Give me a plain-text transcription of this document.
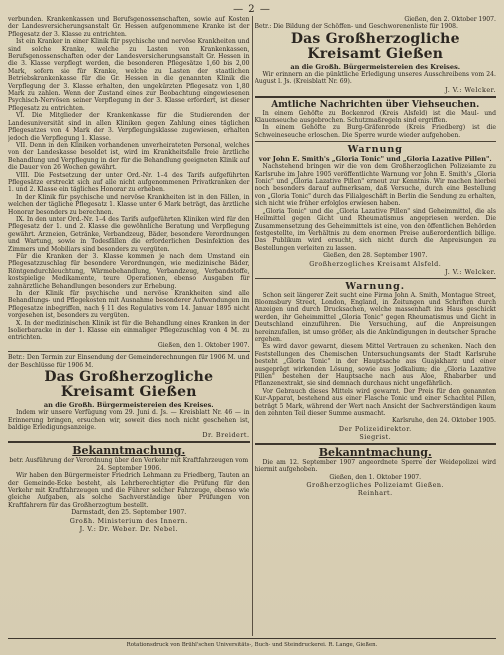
— 2 —

verbunden. Krankenkassen und Berufsgenossenschaften, sowie auf Kosten der Landesversicherungsanstalt Gr. Hessen aufgenommene Kranke ist der Pflegesatz der 3. Klasse zu entrichten.

Ist ein Kranker in einer Klinik für psychische und nervöse Krankheiten und sind solche Kranke, welche zu Lasten von Krankenkassen, Berufsgenossenschaften oder der Landesversicherungsanstalt Gr. Hessen in die 3. Klasse verpflegt werden, die besonderen Pflegesätze 1,60 bis 2,00 Mark, sofern sie für Kranke, welche zu Lasten der staatlichen Betriebskrankenkasse für die Gr. Hessen in die genannten Klinik die Verpflegung der 3. Klasse erhalten, den ungekürzten Pflegesatz von 1,80 Mark zu zahlen. Wenn der Zustand eines zur Beobachtung eingewiesenen Psychisch-Nervösen seiner Verpflegung in der 3. Klasse erfordert, ist dieser Pflegesatz zu entrichten.

VI. Die Mitglieder der Krankenkasse für die Studierenden der Landesuniversität sind in allen Kliniken gegen Zahlung eines täglichen Pflegesatzes von 4 Mark der 3. Verpflegungsklasse zugewiesen, erhalten jedoch die Verpflegung 1. Klasse.

VII. Denn in den Kliniken vorhandenen unverheirateten Personal, welches von der Landeskasse besoldet ist, wird im Krankheitsfalle freie ärztliche Behandlung und Verpflegung in der für die Behandlung geeigneten Klinik auf die Dauer von 26 Wochen gewährt.

VIII. Die Festsetzung der unter Ord.-Nr. 1–4 des Tarifs aufgeführten Pflegesätze erstreckt sich auf alle nicht aufgenommenen Privatkranken der 1. und 2. Klasse ein tägliches Honorar zu erheben.

In der Klinik für psychische und nervöse Krankheiten ist in den Fällen, in welchen der tägliche Pflegesatz 1. Klasse unter 6 Mark beträgt, das ärztliche Honorar besonders zu berechnen.

IX. In den unter Ord.-Nr. 1–4 des Tarifs aufgeführten Kliniken wird für den Pflegesatz der 1. und 2. Klasse die gewöhnliche Beratung und Verpflegung gewährt. Arzneien, Getränke, Verbandzeug, Bäder, besondere Verordnungen und Wartung, sowie in Todesfällen die erforderlichen Desinfektion des Zimmers und Mobiliars sind besonders zu vergüten.

Für die Kranken der 3. Klasse kommen je nach dem Umstand ein Pflegesatzzuschlag für besondere Verordnungen, wie medizinische Bäder, Röntgendurchleuchtung, Wärmebehandlung, Verbandzeug, Verbandstoffe, kostspielige Medikamente, teure Operationen, ebenso Ausgaben für zahnärztliche Behandlungen besonders zur Erhebung.

In der Klinik für psychische und nervöse Krankheiten sind alle Behandlungs- und Pflegekosten mit Ausnahme besonderer Aufwendungen im Pflegesatze inbegriffen, nach § 11 des Regulativs vom 14. Januar 1895 nicht vorgesehen ist, besonders zu vergüten.

X. In der medizinischen Klinik ist für die Behandlung eines Kranken in der Isolierbaracke in der 1. Klasse ein einmaliger Pflegezuschlag von 4 M. zu entrichten.

Gießen, den 1. Oktober 1907.

Betr.: Den Termin zur Einsendung der Gemeinderechnungen für 1906 M. und der Beschlüsse für 1906 M.

Das Großherzogliche Kreisamt Gießen
an die Großh. Bürgermeistereien des Kreises.

Indem wir unsere Verfügung vom 29. Juni d. Js. — Kreisblatt Nr. 46 — in Erinnerung bringen, ersuchen wir, soweit dies noch nicht geschehen ist, baldige Erledigungsanzeige.

Dr. Breidert.
Bekanntmachung.

betr. Ausführung der Verordnung über den Verkehr mit Kraftfahrzeugen vom 24. September 1906.

Wir haben den Bürgermeister Friedrich Lehmann zu Friedberg, Tauten an der Gemeinde-Ecke besteht, als Lehrberechtigter die Prüfung für den Verkehr mit Kraftfahrzeugen und die Führer solcher Fahrzeuge, ebenso wie gleiche Aufgaben, als solche Sachverständige über Prüfungen von Kraftfahrern für das Großherzogtum bestellt.

Darmstadt, den 25. September 1907.

Großh. Ministerium des Innern.
J. V.: Dr. Weber. Dr. Nebel.

Gießen, den 2. Oktober 1907.

Betr.: Die Bildung der Schöffen- und Geschworenenliste für 1908.

Das Großherzogliche Kreisamt Gießen
an die Großh. Bürgermeistereien des Kreises.

Wir erinnern an die pünktliche Erledigung unseres Ausschreibens vom 24. August l. Js. (Kreisblatt Nr. 69).

J. V.: Welcker.
Amtliche Nachrichten über Viehseuchen.

In einem Gehöfte zu Bockenrod (Kreis Alsfeld) ist die Maul- und Klauenseuche ausgebrochen. Schutzmaßregeln sind ergriffen.

In einem Gehöfte zu Burg-Gräfenrode (Kreis Friedberg) ist die Schweineseuche erloschen. Die Sperre wurde wieder aufgehoben.

Warnung
vor John E. Smith's „Gloria Tonic" und „Gloria Lazative Pillen".

Nachstehend bringen wir die von dem Großherzoglichen Polizeiamte zu Karlsruhe im Jahre 1905 veröffentlichte Warnung vor John E. Smith's „Gloria Tonic" und „Gloria Lazative Pillen" erneut zur Kenntnis. Wir machen hierbei noch besonders darauf aufmerksam, daß Versuche, durch eine Bestellung von „Gloria Tonic" durch das Filialgeschäft in Berlin die Sendung zu erhalten, sich nicht wie früher erfolglos erwiesen haben.

„Gloria Tonic" und die „Gloria Lazative Pillen" sind Geheimmittel, die als Heilmittel gegen Gicht und Rheumatismus angepriesen werden. Die Zusammensetzung des Geheimmittels ist eine, von den öffentlichen Behörden festgestellte, im Verhältnis zu dem enormen Preise außerordentlich billige. Das Publikum wird ersucht, sich nicht durch die Anpreisungen zu Bestellungen verleiten zu lassen.

Gießen, den 28. September 1907.

Großherzogliches Kreisamt Alsfeld.
J. V.: Welcker.
Warnung.

Schon seit längerer Zeit sucht eine Firma John A. Smith, Montague Street, Bloomsbury Street, London, England, in Zeitungen und Schriften durch Anzeigen und durch Drucksachen, welche massenhaft ins Haus geschickt werden, ihr Geheimmittel „Gloria Tonic" gegen Rheumatismus und Gicht in Deutschland einzuführen. Die Versuchung, auf die Anpreisungen hereinzufallen, ist umso größer, als die Ankündigungen in deutscher Sprache ergehen.

Es wird davor gewarnt, diesem Mittel Vertrauen zu schenken. Nach den Feststellungen des Chemischen Untersuchungsamts der Stadt Karlsruhe besteht „Gloria Tonic" in der Hauptsache aus Guajakharz und einer ausgeprägt wirkenden Lösung, sowie aus Jodkalium; die „Gloria Lazative Pillen" bestehen der Hauptsache nach aus Aloe, Rhabarber und Pflanzenextrakt, sie sind demnach durchaus nicht ungefährlich.

Vor Gebrauch dieses Mittels wird gewarnt. Der Preis für den genannten Kur-Apparat, bestehend aus einer Flasche Tonic und einer Schachtel Pillen, beträgt 5 Mark, während der Wert nach Ansicht der Sachverständigen kaum den zehnten Teil dieser Summe ausmacht.

Karlsruhe, den 24. Oktober 1905.

Der Polizeidirektor.
Siegrist.
Bekanntmachung.

Die am 12. September 1907 angeordnete Sperre der Weidepolizei wird hiermit aufgehoben.

Gießen, den 1. Oktober 1907.

Großherzogliches Polizeiamt Gießen.
Reinhart.
Rotationsdruck von Brühl'schen Universitäts-, Buch- und Steindruckerei. R. Lange, Gießen.
